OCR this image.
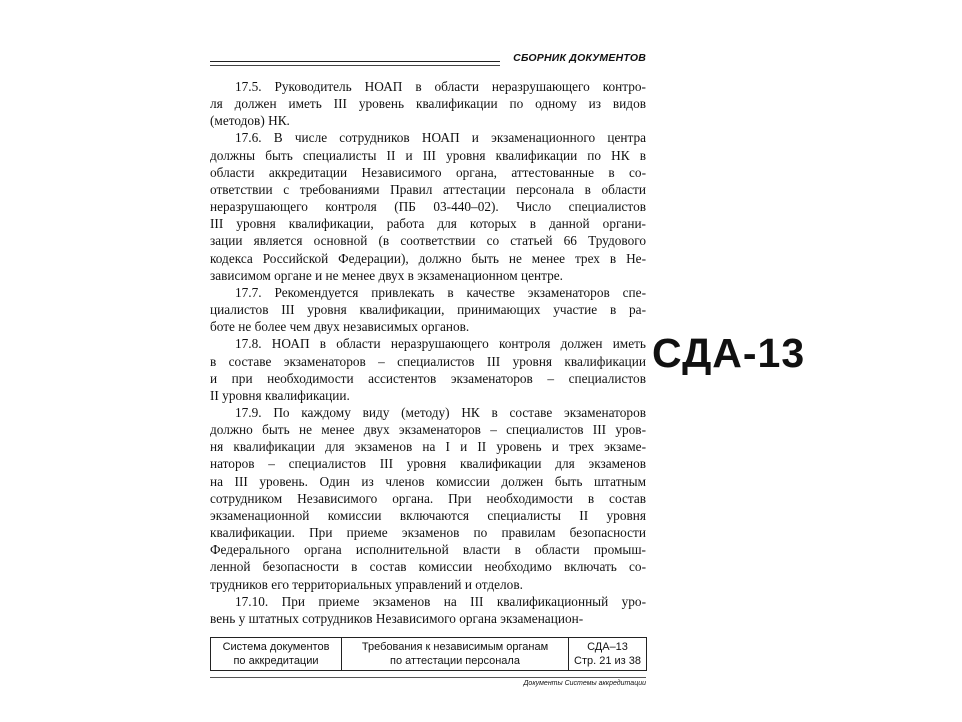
СБОРНИК ДОКУМЕНТОВ

17.5. Руководитель НОАП в области неразрушающего контро-
ля должен иметь III уровень квалификации по одному из видов
(методов) НК.

17.6. В числе сотрудников НОАП и экзаменационного центра
должны быть специалисты II и III уровня квалификации по НК в
области аккредитации Независимого органа, аттестованные в со-
ответствии с требованиями Правил аттестации персонала в области
неразрушающего контроля (ПБ 03-440–02). Число специалистов
III уровня квалификации, работа для которых в данной органи-
зации является основной (в соответствии со статьей 66 Трудового
кодекса Российской Федерации), должно быть не менее трех в Не-
зависимом органе и не менее двух в экзаменационном центре.

17.7. Рекомендуется привлекать в качестве экзаменаторов спе-
циалистов III уровня квалификации, принимающих участие в ра-
боте не более чем двух независимых органов.

17.8. НОАП в области неразрушающего контроля должен иметь
в составе экзаменаторов – специалистов III уровня квалификации
и при необходимости ассистентов экзаменаторов – специалистов
II уровня квалификации.

17.9. По каждому виду (методу) НК в составе экзаменаторов
должно быть не менее двух экзаменаторов – специалистов III уров-
ня квалификации для экзаменов на I и II уровень и трех экзаме-
наторов – специалистов III уровня квалификации для экзаменов
на III уровень. Один из членов комиссии должен быть штатным
сотрудником Независимого органа. При необходимости в состав
экзаменационной комиссии включаются специалисты II уровня
квалификации. При приеме экзаменов по правилам безопасности
Федерального органа исполнительной власти в области промыш-
ленной безопасности в состав комиссии необходимо включать со-
трудников его территориальных управлений и отделов.

17.10. При приеме экзаменов на III квалификационный уро-
вень у штатных сотрудников Независимого органа экзаменацион-

Система документов
по аккредитации
Требования к независимым органам
по аттестации персонала
СДА–13
Стр. 21 из 38
Документы Системы аккредитации
СДА-13
